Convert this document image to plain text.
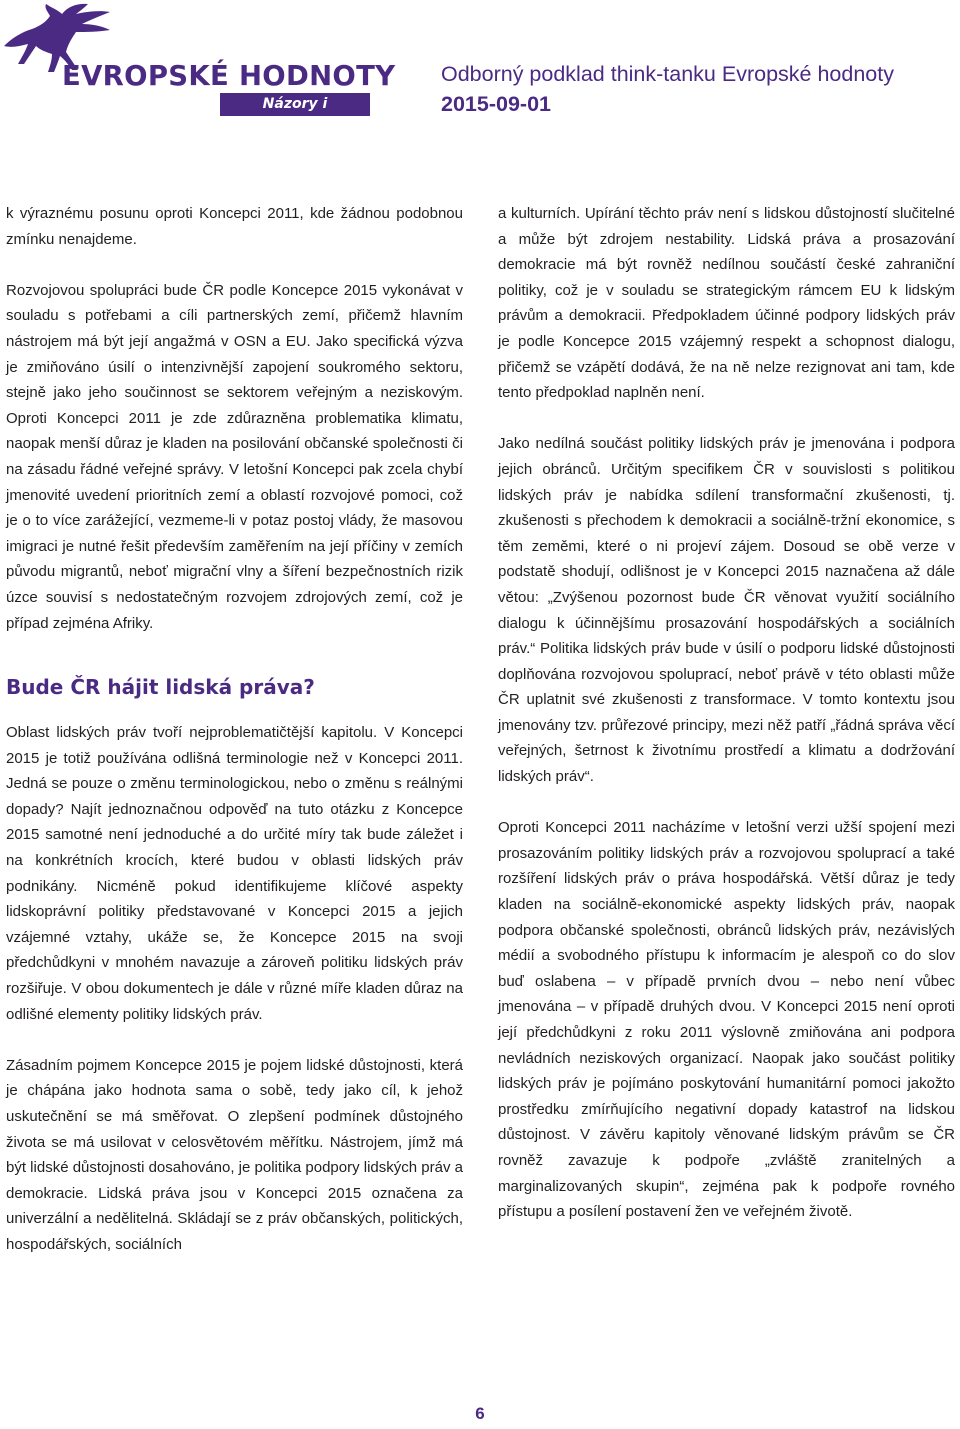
EVROPSKÉ HODNOTY
Názory i souvislosti
Odborný podklad think-tanku Evropské hodnoty
2015-09-01

k výraznému posunu oproti Koncepci 2011, kde žádnou podobnou zmínku nenajdeme.

Rozvojovou spolupráci bude ČR podle Koncepce 2015 vykonávat v souladu s potřebami a cíli partnerských zemí, přičemž hlavním nástrojem má být její angažmá v OSN a EU. Jako specifická výzva je zmiňováno úsilí o intenzivnější zapojení soukromého sektoru, stejně jako jeho součinnost se sektorem veřejným a neziskovým. Oproti Koncepci 2011 je zde zdůrazněna problematika klimatu, naopak menší důraz je kladen na posilování občanské společnosti či na zásadu řádné veřejné správy. V letošní Koncepci pak zcela chybí jmenovité uvedení prioritních zemí a oblastí rozvojové pomoci, což je o to více zarážející, vezmeme-li v potaz postoj vlády, že masovou imigraci je nutné řešit především zaměřením na její příčiny v zemích původu migrantů, neboť migrační vlny a šíření bezpečnostních rizik úzce souvisí s nedostatečným rozvojem zdrojových zemí, což je případ zejména Afriky.

Bude ČR hájit lidská práva?

Oblast lidských práv tvoří nejproblematičtější kapitolu. V Koncepci 2015 je totiž používána odlišná terminologie než v Koncepci 2011. Jedná se pouze o změnu terminologickou, nebo o změnu s reálnými dopady? Najít jednoznačnou odpověď na tuto otázku z Koncepce 2015 samotné není jednoduché a do určité míry tak bude záležet i na konkrétních krocích, které budou v oblasti lidských práv podnikány. Nicméně pokud identifikujeme klíčové aspekty lidskoprávní politiky představované v Koncepci 2015 a jejich vzájemné vztahy, ukáže se, že Koncepce 2015 na svoji předchůdkyni v mnohém navazuje a zároveň politiku lidských práv rozšiřuje. V obou dokumentech je dále v různé míře kladen důraz na odlišné elementy politiky lidských práv.

Zásadním pojmem Koncepce 2015 je pojem lidské důstojnosti, která je chápána jako hodnota sama o sobě, tedy jako cíl, k jehož uskutečnění se má směřovat. O zlepšení podmínek důstojného života se má usilovat v celosvětovém měřítku. Nástrojem, jímž má být lidské důstojnosti dosahováno, je politika podpory lidských práv a demokracie. Lidská práva jsou v Koncepci 2015 označena za univerzální a nedělitelná. Skládají se z práv občanských, politických, hospodářských, sociálních

a kulturních. Upírání těchto práv není s lidskou důstojností slučitelné a může být zdrojem nestability. Lidská práva a prosazování demokracie má být rovněž nedílnou součástí české zahraniční politiky, což je v souladu se strategickým rámcem EU k lidským právům a demokracii. Předpokladem účinné podpory lidských práv je podle Koncepce 2015 vzájemný respekt a schopnost dialogu, přičemž se vzápětí dodává, že na ně nelze rezignovat ani tam, kde tento předpoklad naplněn není.

Jako nedílná součást politiky lidských práv je jmenována i podpora jejich obránců. Určitým specifikem ČR v souvislosti s politikou lidských práv je nabídka sdílení transformační zkušenosti, tj. zkušenosti s přechodem k demokracii a sociálně-tržní ekonomice, s těm zeměmi, které o ni projeví zájem. Dosoud se obě verze v podstatě shodují, odlišnost je v Koncepci 2015 naznačena až dále větou: „Zvýšenou pozornost bude ČR věnovat využití sociálního dialogu k účinnějšímu prosazování hospodářských a sociálních práv.“ Politika lidských práv bude v úsilí o podporu lidské důstojnosti doplňována rozvojovou spoluprací, neboť právě v této oblasti může ČR uplatnit své zkušenosti z transformace. V tomto kontextu jsou jmenovány tzv. průřezové principy, mezi něž patří „řádná správa věcí veřejných, šetrnost k životnímu prostředí a klimatu a dodržování lidských práv“.

Oproti Koncepci 2011 nacházíme v letošní verzi užší spojení mezi prosazováním politiky lidských práv a rozvojovou spoluprací a také rozšíření lidských práv o práva hospodářská. Větší důraz je tedy kladen na sociálně-ekonomické aspekty lidských práv, naopak podpora občanské společnosti, obránců lidských práv, nezávislých médií a svobodného přístupu k informacím je alespoň co do slov buď oslabena – v případě prvních dvou – nebo není vůbec jmenována – v případě druhých dvou. V Koncepci 2015 není oproti její předchůdkyni z roku 2011 výslovně zmiňována ani podpora nevládních neziskových organizací. Naopak jako součást politiky lidských práv je pojímáno poskytování humanitární pomoci jakožto prostředku zmírňujícího negativní dopady katastrof na lidskou důstojnost. V závěru kapitoly věnované lidským právům se ČR rovněž zavazuje k podpoře „zvláště zranitelných a marginalizovaných skupin“, zejména pak k podpoře rovného přístupu a posílení postavení žen ve veřejném životě.

6
